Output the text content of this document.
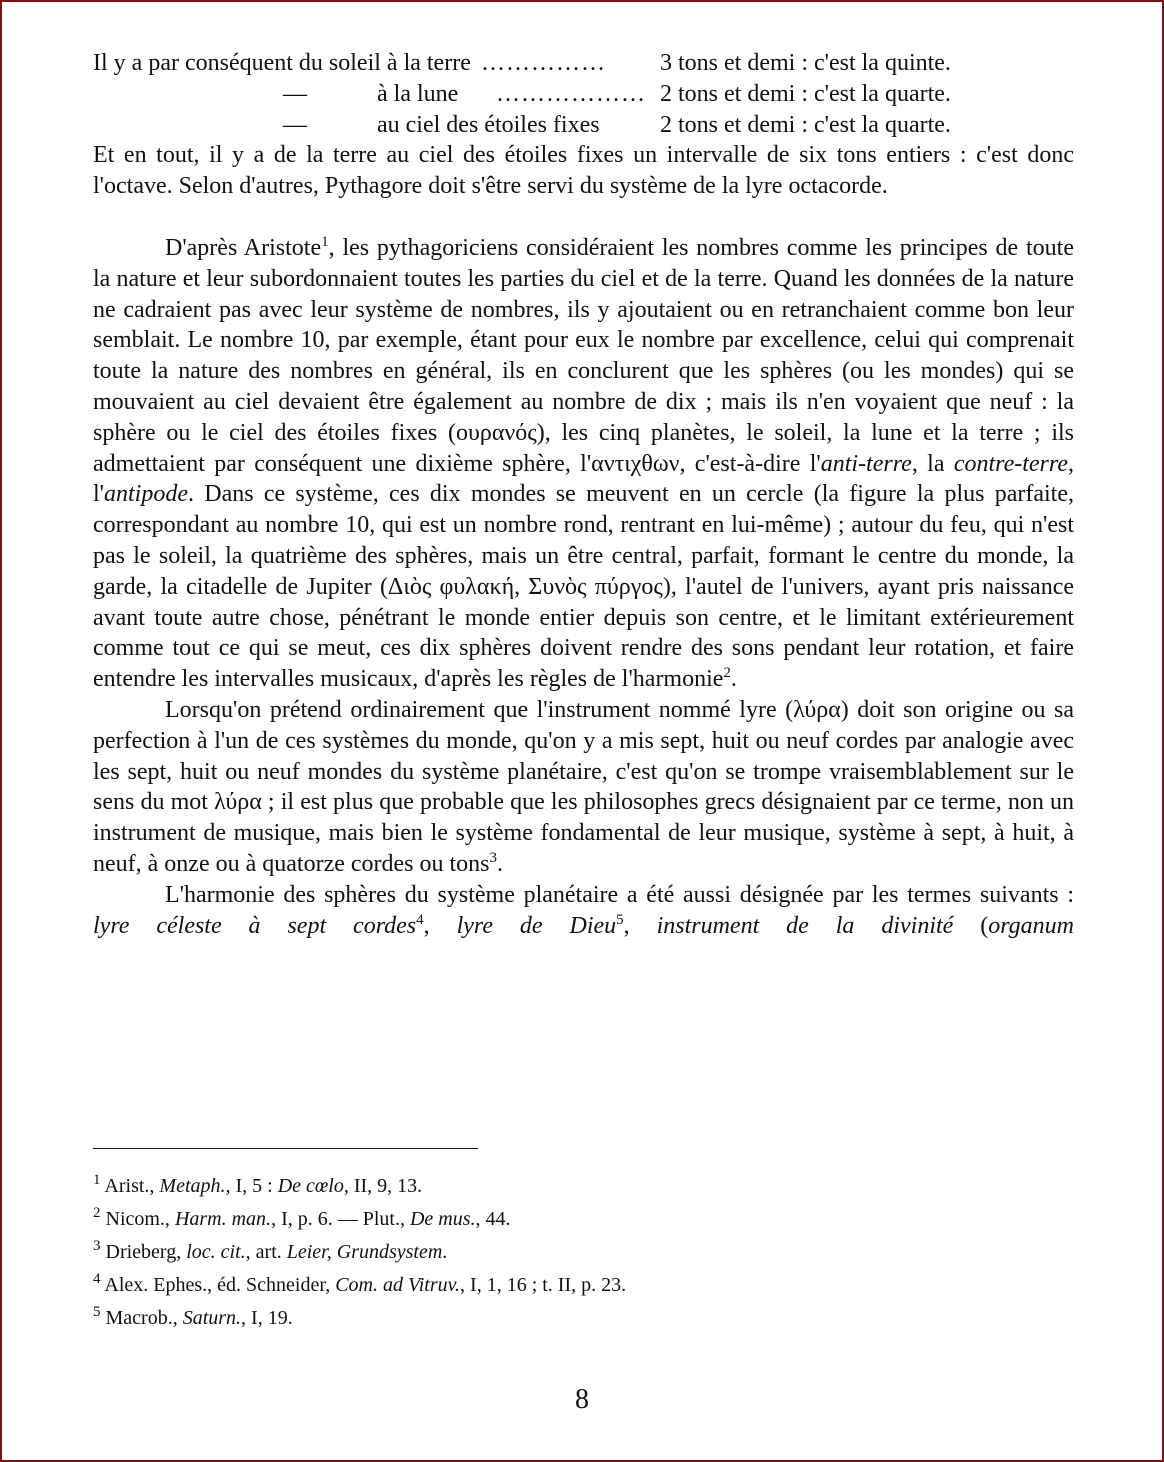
Il y a par conséquent du soleil à la terre …………… 3 tons et demi : c'est la quinte.
—	à la lune ……………… 2 tons et demi : c'est la quarte.
—	au ciel des étoiles fixes	2 tons et demi : c'est la quarte.

Et en tout, il y a de la terre au ciel des étoiles fixes un intervalle de six tons entiers : c'est donc l'octave. Selon d'autres, Pythagore doit s'être servi du système de la lyre octacorde.

D'après Aristote$^1$, les pythagoriciens considéraient les nombres comme les principes de toute la nature et leur subordonnaient toutes les parties du ciel et de la terre. Quand les données de la nature ne cadraient pas avec leur système de nombres, ils y ajoutaient ou en retranchaient comme bon leur semblait. Le nombre 10, par exemple, étant pour eux le nombre par excellence, celui qui comprenait toute la nature des nombres en général, ils en conclurent que les sphères (ou les mondes) qui se mouvaient au ciel devaient être également au nombre de dix ; mais ils n'en voyaient que neuf : la sphère ou le ciel des étoiles fixes (ουρανός), les cinq planètes, le soleil, la lune et la terre ; ils admettaient par conséquent une dixième sphère, l'αντιχθων, c'est-à-dire l'anti-terre, la contre-terre, l'antipode. Dans ce système, ces dix mondes se meuvent en un cercle (la figure la plus parfaite, correspondant au nombre 10, qui est un nombre rond, rentrant en lui-même) ; autour du feu, qui n'est pas le soleil, la quatrième des sphères, mais un être central, parfait, formant le centre du monde, la garde, la citadelle de Jupiter (Διὸς φυλακή, Συνὸς πύργος), l'autel de l'univers, ayant pris naissance avant toute autre chose, pénétrant le monde entier depuis son centre, et le limitant extérieurement comme tout ce qui se meut, ces dix sphères doivent rendre des sons pendant leur rotation, et faire entendre les intervalles musicaux, d'après les règles de l'harmonie$^2$.

Lorsqu'on prétend ordinairement que l'instrument nommé lyre (λύρα) doit son origine ou sa perfection à l'un de ces systèmes du monde, qu'on y a mis sept, huit ou neuf cordes par analogie avec les sept, huit ou neuf mondes du système planétaire, c'est qu'on se trompe vraisemblablement sur le sens du mot λύρα ; il est plus que probable que les philosophes grecs désignaient par ce terme, non un instrument de musique, mais bien le système fondamental de leur musique, système à sept, à huit, à neuf, à onze ou à quatorze cordes ou tons$^3$.

L'harmonie des sphères du système planétaire a été aussi désignée par les termes suivants : lyre céleste à sept cordes$^4$, lyre de Dieu$^5$, instrument de la divinité (organum

$^1$ Arist., Metaph., I, 5 : De cœlo, II, 9, 13.
$^2$ Nicom., Harm. man., I, p. 6. — Plut., De mus., 44.
$^3$ Drieberg, loc. cit., art. Leier, Grundsystem.
$^4$ Alex. Ephes., éd. Schneider, Com. ad Vitruv., I, 1, 16 ; t. II, p. 23.
$^5$ Macrob., Saturn., I, 19.
8
